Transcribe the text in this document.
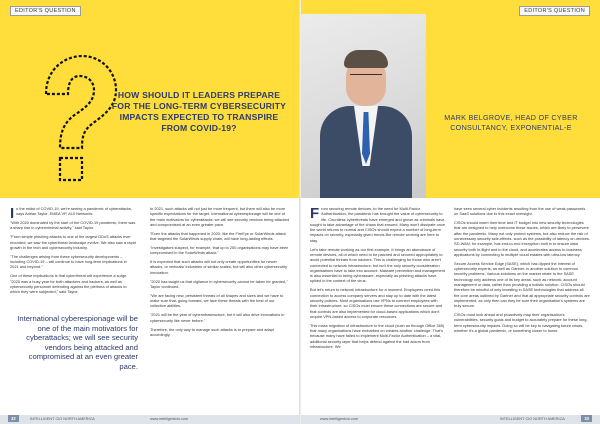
EDITOR'S QUESTION
HOW SHOULD IT LEADERS PREPARE FOR THE LONG-TERM CYBERSECURITY IMPACTS EXPECTED TO TRANSPIRE FROM COVID-19?

In the midst of COVID-19, we're seeing a pandemic of cyberattacks, says Adrian Taylor, EMEA VP, A10 Networks.

"With 2020 dominated by the start of the COVID-19 pandemic, there was a sharp rise in cybercriminal activity," said Taylor.

"From simple phishing attacks to one of the largest DDoS attacks ever recorded, we saw the cyberthreat landscape evolve. We also saw a rapid growth in the tech and cybersecurity industry.

"The challenges arising from these cybersecurity developments – including COVID-19 – will continue to have long-term implications in 2021 and beyond."

One of these implications is that cyberthreat will experience a surge. "2020 was a busy year for both attackers and hackers, as well as cybersecurity personnel defending against the plethora of attacks to which they were subjected," said Taylor.

International cyberespionage will be one of the main motivators for cyberattacks; we will see security vendors being attacked and compromised at an even greater pace.

In 2021, such attacks will not just be more frequent, but there will also be more specific expectations for the target. International cyberespionage will be one of the main motivators for cyberattacks; we will see security vendors being attacked and compromised at an even greater pace.

"Even the attacks that happened in 2020, like the FireEye or SolarWinds attack that targeted the SolarWinds supply chain, will have long-lasting effects.

"Investigators suspect, for example, that up to 250 organisations may have been compromised in the SolarWinds attack."

It is expected that such attacks will not only create opportunities for newer attacks, or verticals/ industries of similar scales, but will also other cybersecurity innovation.

"2020 has taught us that vigilance in cybersecurity cannot be taken for granted," Taylor continued.

"We are facing new, persistent threats of all shapes and sizes and we have to make sure that, going forward, we face these threats with the best of our collective abilities.

"2021 will be the year of cyberinfrastructure, but it will also drive innovations in cybersecurity like never before."

Therefore, the only way to manage such attacks is to prepare and adapt accordingly.

32	INTELLIGENT CIO NORTH AMERICA	www.intelligentcio.com
EDITOR'S QUESTION
MARK BELGROVE, HEAD OF CYBER CONSULTANCY, EXPONENTIAL-E

From securing remote devices, to the need for Multi-Factor Authentication, the pandemic has brought the value of cybersecurity to life. Countless cyberthreats have emerged and grown as criminals have sought to take advantage of the chaos that ensued. Many won't dissipate once the world returns to normal and CISOs should expect a number of long-term impacts on security, especially given trends like remote working are here to stay.

Let's take remote working as our first example. It brings an abundance of remote devices, all of which need to be patched and secured appropriately to avoid potential threats from hackers. This is challenging for those who aren't connected to network infrastructure, but isn't the only security consideration organisations have to take into account. Malware prevention and management is also essential to being cyberaware, especially as phishing attacks have spiked in the context of the virus.

But let's return to network infrastructure for a moment. Employees need this connection to access company servers and stay up to date with the latest security policies. Most organisations use VPNs to connect employees with their infrastructure, so CISOs must ensure these connections are secure and that controls are also implemented for cloud-based applications which don't require VPN-based access to corporate resources.

This mass migration of infrastructure to the cloud (such as through Office 365) that many organisations have embarked on creates another challenge. That's because many have failed to implement Multi-Factor Authentication – a vital, additional security layer that helps defend against the bad actors from infrastructure. We

have seen several cyber incidents resulting from the use of weak passwords on SaaS solutions due to this exact oversight.

CISOs should insert their time and IT budget into new security technologies that are designed to help overcome these issues, which are likely to persevere after the pandemic. Many not only protect systems, but also reduce the risk of unnecessary security side-effects, such as the possibility of latency on devices. SD-WAN, for example, has end-to-end encryption built in to ensure data security both in-flight and in the cloud, and accelerates access to business applications by connecting to multiple cloud estates with ultra-low latency.

Secure Access Service Edge (SASE), which has dipped the interest of cybersecurity experts, as well as Gartner, is another solution to common security problems. Various solutions on the market relate to the SASE technology only address one of its key areas, such as network, account management or data, rather than providing a holistic solution. CISOs should therefore be mindful of only investing in SASE technologies that address all the core areas outlined by Gartner and that all appropriate security controls are implemented, as only then can they be sure their organisation's systems are truly secure.

CISOs must look ahead and proactively map their organisation's vulnerabilities, security goals and budget to accurately prepare for these long-term cybersecurity impacts. Doing so will be key to navigating future crises, whether it's a global pandemic, or something closer to home.

www.intelligentcio.com	INTELLIGENT CIO NORTH AMERICA	33
